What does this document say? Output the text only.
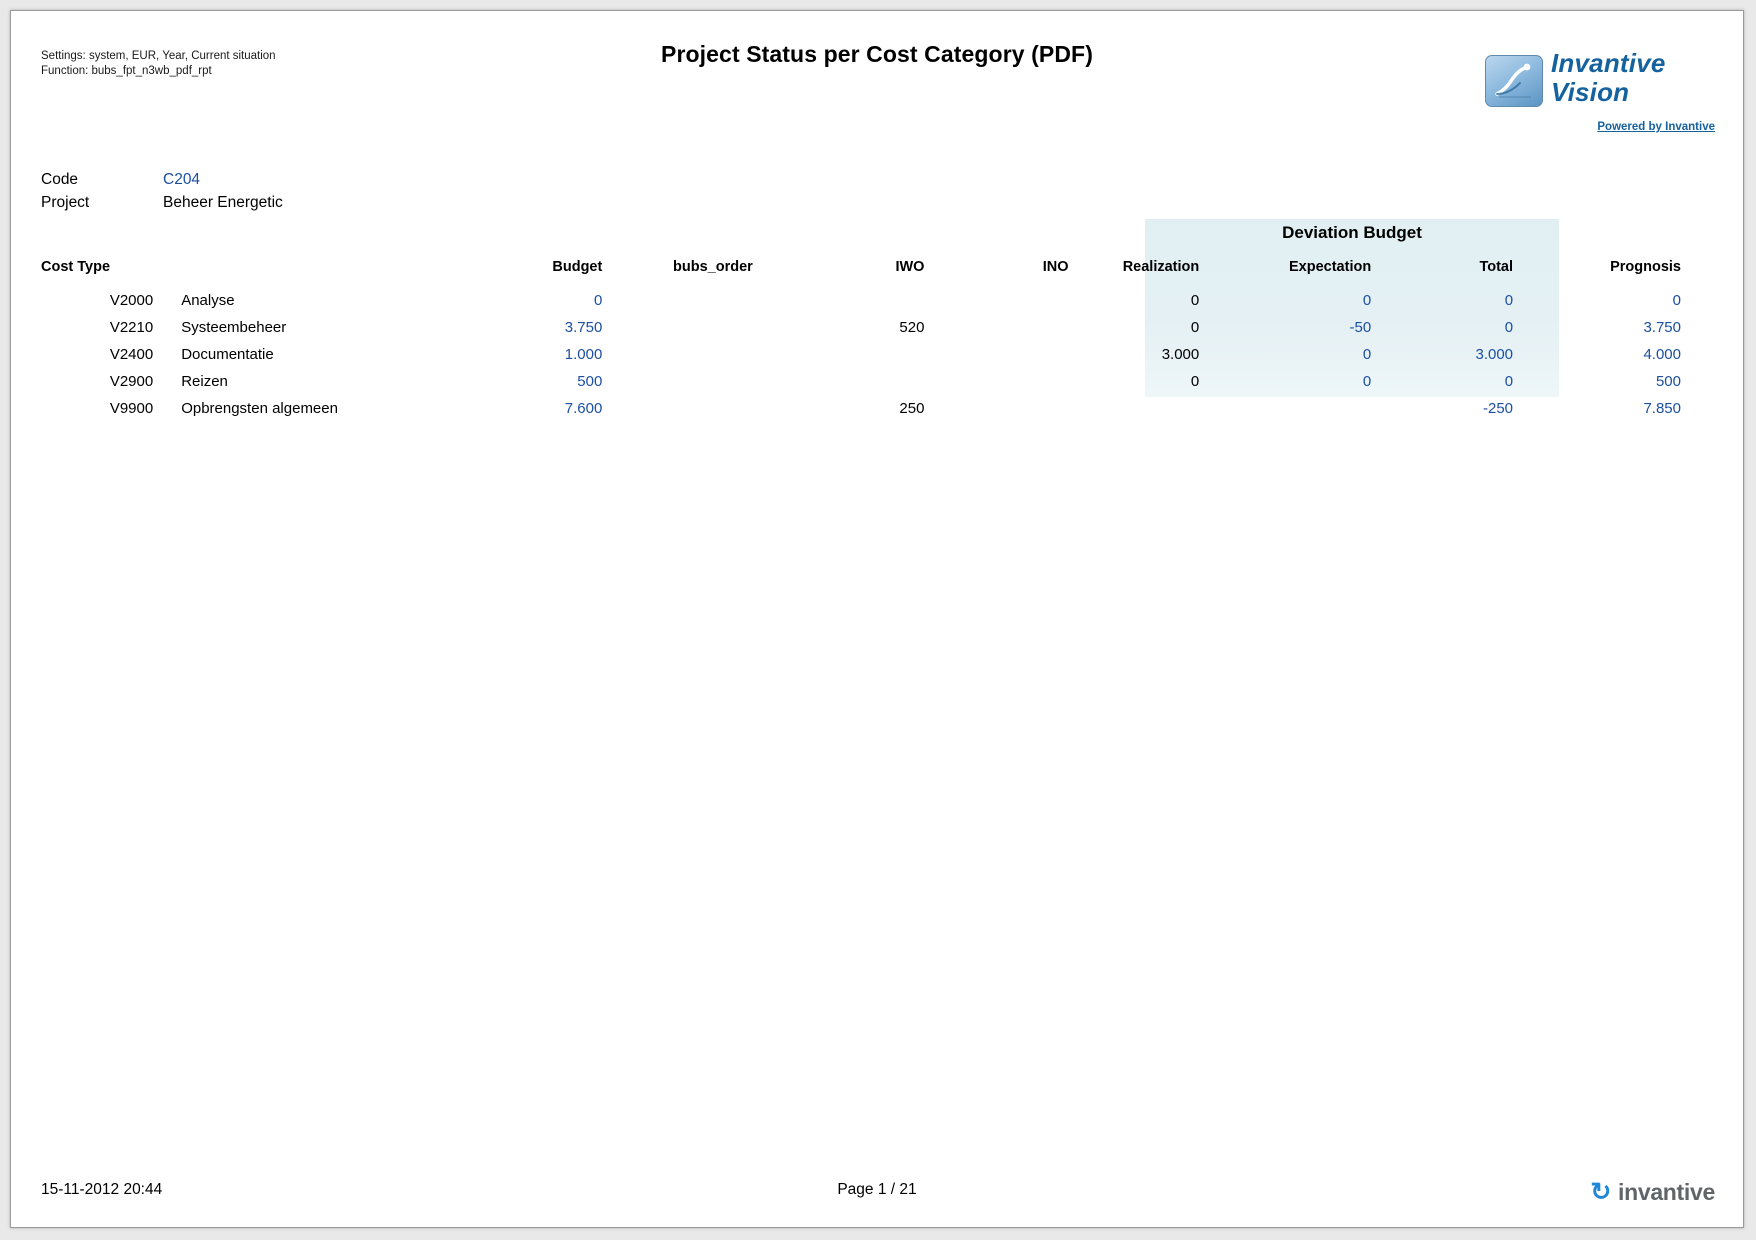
Settings: system, EUR, Year, Current situation
Function: bubs_fpt_n3wb_pdf_rpt
Project Status per Cost Category (PDF)	Invantive
Vision
Powered by Invantive
Code	C204
Project	Beheer Energetic
Deviation Budget
Cost Type		Budget	bubs_order	IWO	INO	Realization	Expectation	Total	Prognosis
V2000	Analyse	0				0	0	0	0
V2210	Systeembeheer	3.750		520		0	-50	0	3.750
V2400	Documentatie	1.000				3.000	0	3.000	4.000
V2900	Reizen	500				0	0	0	500
V9900	Opbrengsten algemeen	7.600		250				-250	7.850
15-11-2012 20:44	Page 1 / 21	↻ invantive
